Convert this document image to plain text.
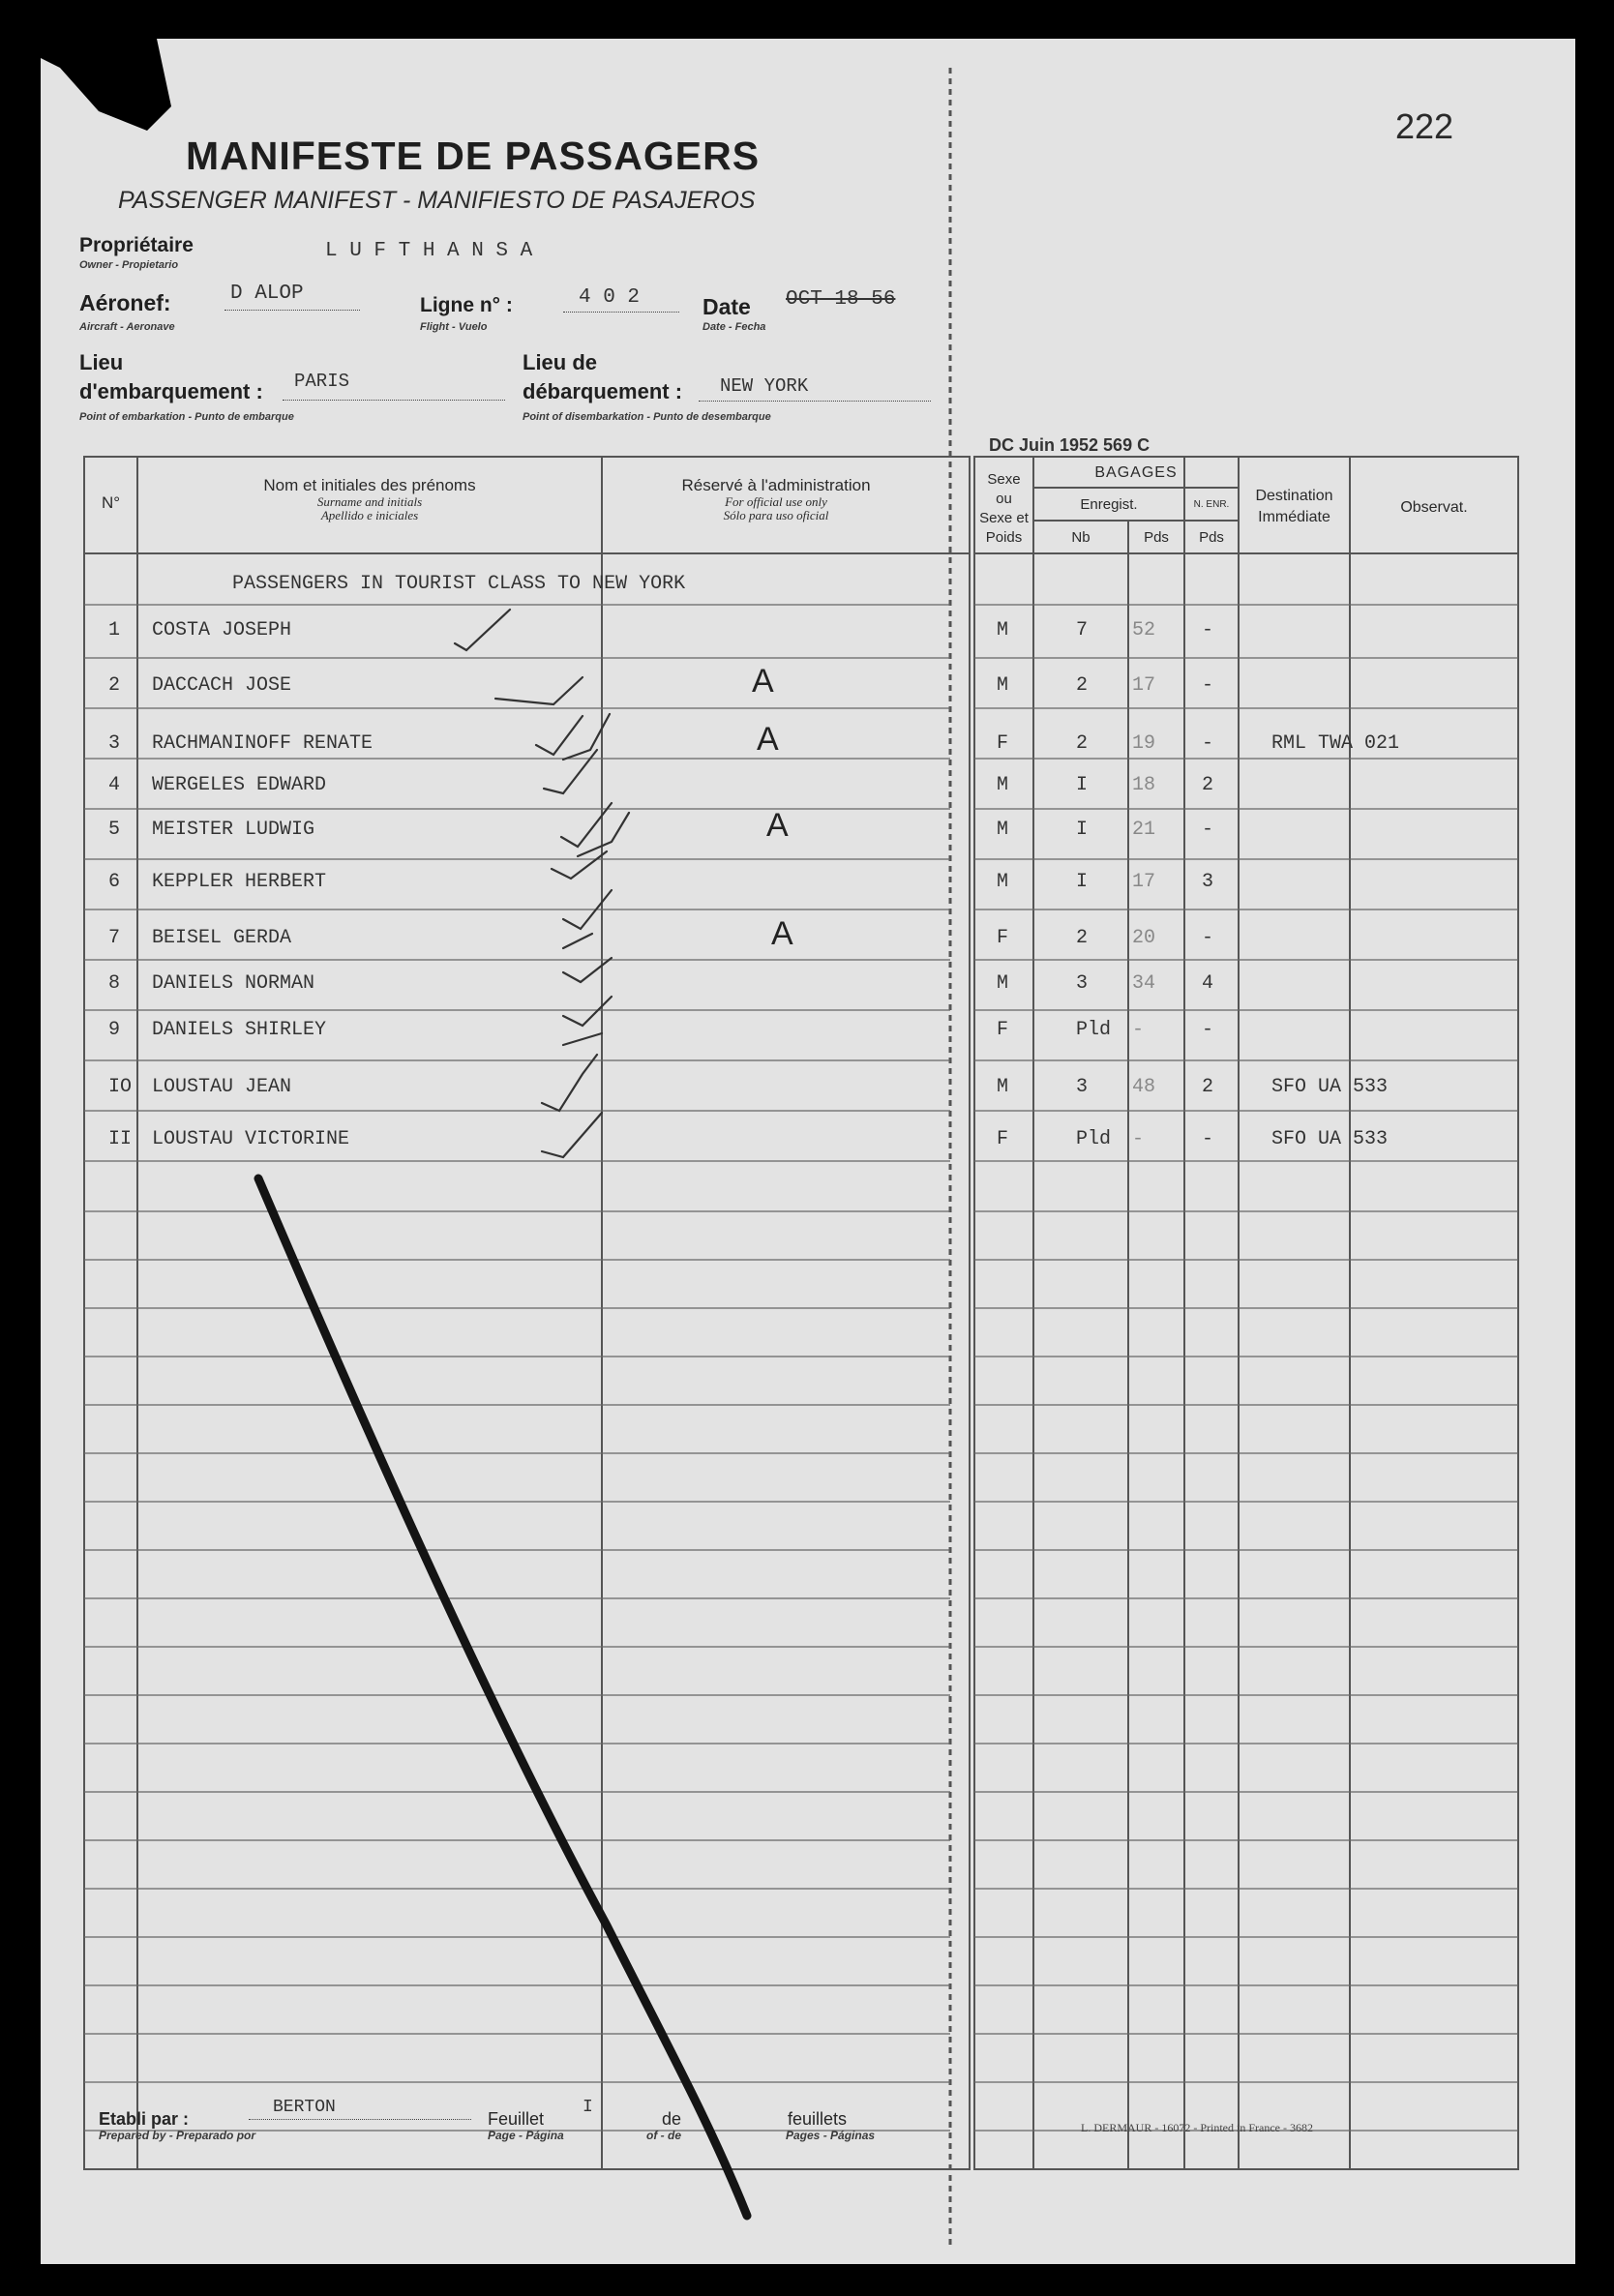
222
MANIFESTE DE PASSAGERS
PASSENGER MANIFEST - MANIFIESTO DE PASAJEROS
Propriétaire
Owner - Propietario
L U F T H A N S A
Aéronef:
Aircraft - Aeronave
D ALOP
Ligne n° :
Flight - Vuelo
4 0 2	Date
Date - Fecha
OCT 18 56
Lieu
d'embarquement :
Point of embarkation - Punto de embarque
PARIS
Lieu de
débarquement :
Point of disembarkation - Punto de desembarque
NEW YORK
DC Juin 1952 569 C
N°
Nom et initiales des prénoms
Surname and initials
Apellido e iniciales
Réservé à l'administration
For official use only
Sólo para uso oficial
Sexe
ou
Sexe et
Poids
BAGAGES
Enregist.	N. ENR.
Nb	Pds	Pds
Destination
Immédiate
Observat.
PASSENGERS IN TOURIST CLASS TO NEW YORK
1 COSTA JOSEPH	M	7 52 -
2 DACCACH JOSE	M	2 17 -
A
3 RACHMANINOFF RENATE	F	2 19 -	RML TWA 021
A
4 WERGELES EDWARD	M	I 18 2
5 MEISTER LUDWIG	M	I 21 -
A
6 KEPPLER HERBERT	M	I 17 3
7 BEISEL GERDA	F	2 20 -
A
8 DANIELS NORMAN	M	3 34 4
9 DANIELS SHIRLEY	F	Pld -	-
IO LOUSTAU JEAN	M	3 48 2	SFO UA 533
II LOUSTAU VICTORINE	F	Pld -	-	SFO UA 533
Etabli par :
Prepared by - Preparado por
BERTON
Feuillet
Page - Página
I
de
of - de
feuillets
Pages - Páginas
L. DERMAUR - 16072 - Printed in France - 3682
